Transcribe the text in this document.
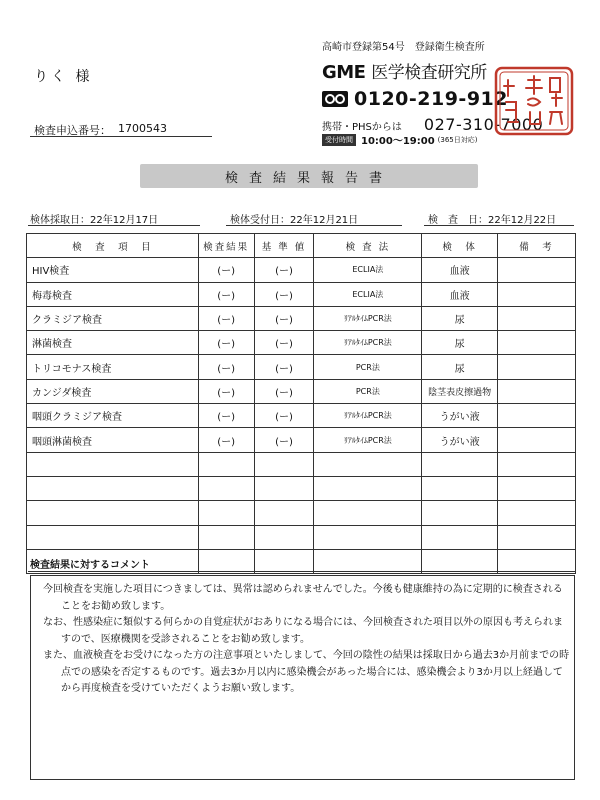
りく 様
検査申込番号： 1700543
高崎市登録第54号　登録衛生検査所
GME 医学検査研究所
0120-219-912
携帯・PHSからは 027-310-7000
受付時間 10:00〜19:00 (365日対応)
検査結果報告書
検体採取日：22年12月17日	検体受付日：22年12月21日	検　査　日：22年12月22日
検　査　項　目	検査結果	基 準 値	検 査 法	検　体	備　考
HIV検査	(ー)	(ー)	ECLIA法	血液	
梅毒検査	(ー)	(ー)	ECLIA法	血液	
クラミジア検査	(ー)	(ー)	ﾘｱﾙﾀｲﾑPCR法	尿	
淋菌検査	(ー)	(ー)	ﾘｱﾙﾀｲﾑPCR法	尿	
トリコモナス検査	(ー)	(ー)	PCR法	尿	
カンジダ検査	(ー)	(ー)	PCR法	陰茎表皮擦過物	
咽頭クラミジア検査	(ー)	(ー)	ﾘｱﾙﾀｲﾑPCR法	うがい液	
咽頭淋菌検査	(ー)	(ー)	ﾘｱﾙﾀｲﾑPCR法	うがい液	

検査結果に対するコメント

今回検査を実施した項目につきましては、異常は認められませんでした。今後も健康維持の為に定期的に検査されることをお勧め致します。

なお、性感染症に類似する何らかの自覚症状がおありになる場合には、今回検査された項目以外の原因も考えられますので、医療機関を受診されることをお勧め致します。

また、血液検査をお受けになった方の注意事項といたしまして、今回の陰性の結果は採取日から過去3か月前までの時点での感染を否定するものです。過去3か月以内に感染機会があった場合には、感染機会より3か月以上経過してから再度検査を受けていただくようお願い致します。
